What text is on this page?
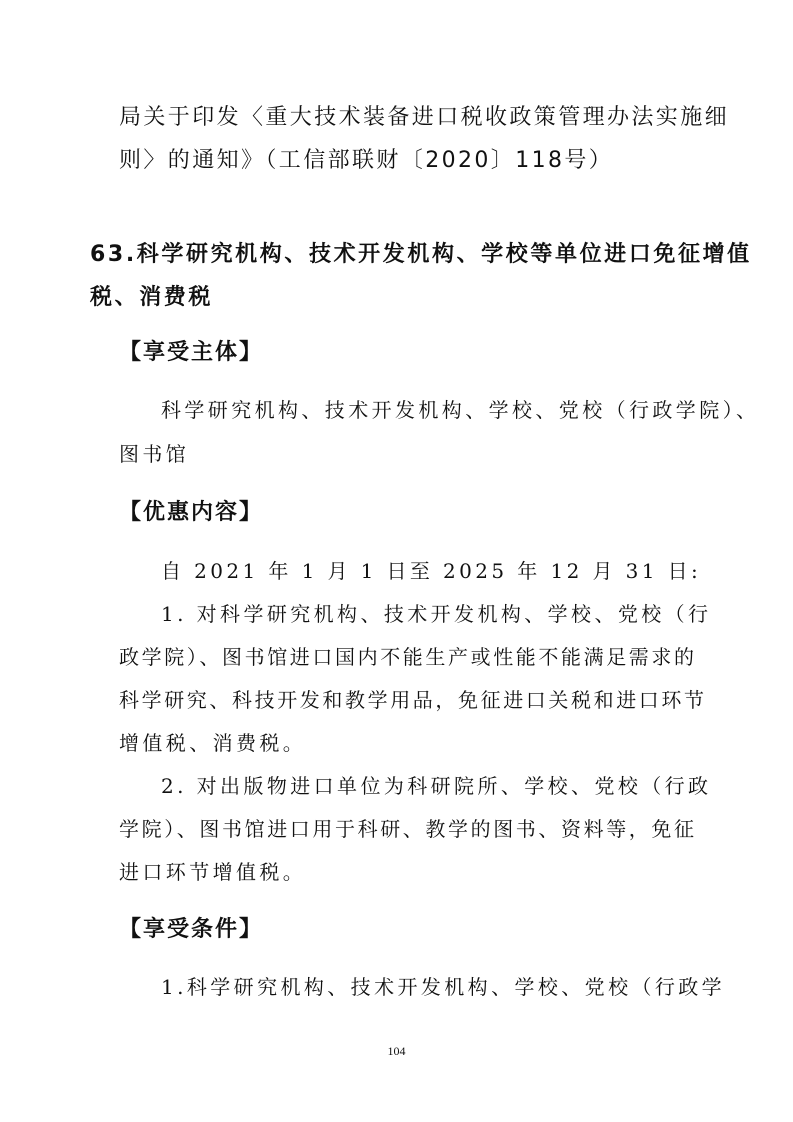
局关于印发〈重大技术装备进口税收政策管理办法实施细
则〉的通知》（工信部联财〔2020〕118号）
63.科学研究机构、技术开发机构、学校等单位进口免征增值
税、消费税
【享受主体】
科学研究机构、技术开发机构、学校、党校（行政学院）、
图书馆
【优惠内容】
自 2021 年 1 月 1 日至 2025 年 12 月 31 日:
1. 对科学研究机构、技术开发机构、学校、党校（行
政学院）、图书馆进口国内不能生产或性能不能满足需求的
科学研究、科技开发和教学用品，免征进口关税和进口环节
增值税、消费税。
2. 对出版物进口单位为科研院所、学校、党校（行政
学院）、图书馆进口用于科研、教学的图书、资料等，免征
进口环节增值税。
【享受条件】
1.科学研究机构、技术开发机构、学校、党校（行政学
104
